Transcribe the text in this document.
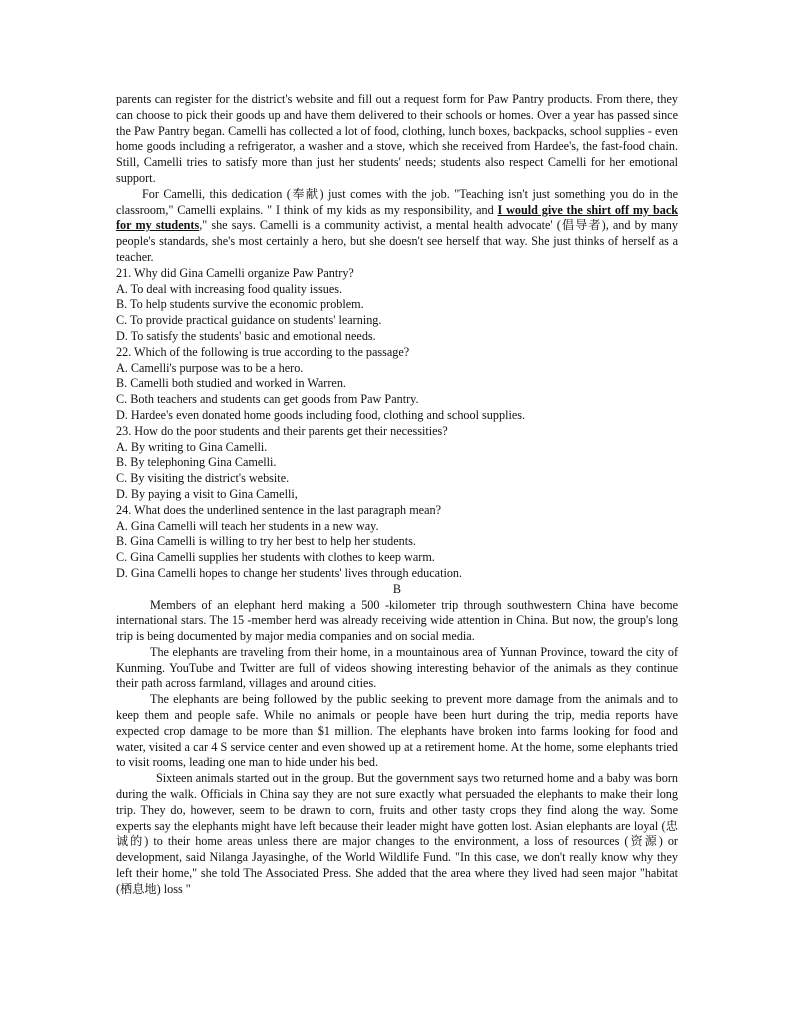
parents can register for the district's website and fill out a request form for Paw Pantry products. From there, they can choose to pick their goods up and have them delivered to their schools or homes. Over a year has passed since the Paw Pantry began. Camelli has collected a lot of food, clothing, lunch boxes, backpacks, school supplies - even home goods including a refrigerator, a washer and a stove, which she received from Hardee's, the fast-food chain. Still, Camelli tries to satisfy more than just her students' needs; students also respect Camelli for her emotional support.

For Camelli, this dedication (奉献) just comes with the job. "Teaching isn't just something you do in the classroom," Camelli explains. " I think of my kids as my responsibility, and I would give the shirt off my back for my students," she says. Camelli is a community activist, a mental health advocate' (倡导者), and by many people's standards, she's most certainly a hero, but she doesn't see herself that way. She just thinks of herself as a teacher.

21. Why did Gina Camelli organize Paw Pantry?

A. To deal with increasing food quality issues.

B. To help students survive the economic problem.

C. To provide practical guidance on students' learning.

D. To satisfy the students' basic and emotional needs.

22. Which of the following is true according to the passage?

A. Camelli's purpose was to be a hero.

B. Camelli both studied and worked in Warren.

C. Both teachers and students can get goods from Paw Pantry.

D. Hardee's even donated home goods including food, clothing and school supplies.

23. How do the poor students and their parents get their necessities?

A. By writing to Gina Camelli.

B. By telephoning Gina Camelli.

C. By visiting the district's website.

D. By paying a visit to Gina Camelli,

24. What does the underlined sentence in the last paragraph mean?

A. Gina Camelli will teach her students in a new way.

B. Gina Camelli is willing to try her best to help her students.

C. Gina Camelli supplies her students with clothes to keep warm.

D. Gina Camelli hopes to change her students' lives through education.

B

Members of an elephant herd making a 500 -kilometer trip through southwestern China have become international stars. The 15 -member herd was already receiving wide attention in China. But now, the group's long trip is being documented by major media companies and on social media.

The elephants are traveling from their home, in a mountainous area of Yunnan Province, toward the city of Kunming. YouTube and Twitter are full of videos showing interesting behavior of the animals as they continue their path across farmland, villages and around cities.

The elephants are being followed by the public seeking to prevent more damage from the animals and to keep them and people safe. While no animals or people have been hurt during the trip, media reports have expected crop damage to be more than $1 million. The elephants have broken into farms looking for food and water, visited a car 4 S service center and even showed up at a retirement home. At the home, some elephants tried to visit rooms, leading one man to hide under his bed.

Sixteen animals started out in the group. But the government says two returned home and a baby was born during the walk. Officials in China say they are not sure exactly what persuaded the elephants to make their long trip. They do, however, seem to be drawn to corn, fruits and other tasty crops they find along the way. Some experts say the elephants might have left because their leader might have gotten lost. Asian elephants are loyal (忠诚的) to their home areas unless there are major changes to the environment, a loss of resources (资源) or development, said Nilanga Jayasinghe, of the World Wildlife Fund. "In this case, we don't really know why they left their home," she told The Associated Press. She added that the area where they lived had seen major "habitat (栖息地) loss "
